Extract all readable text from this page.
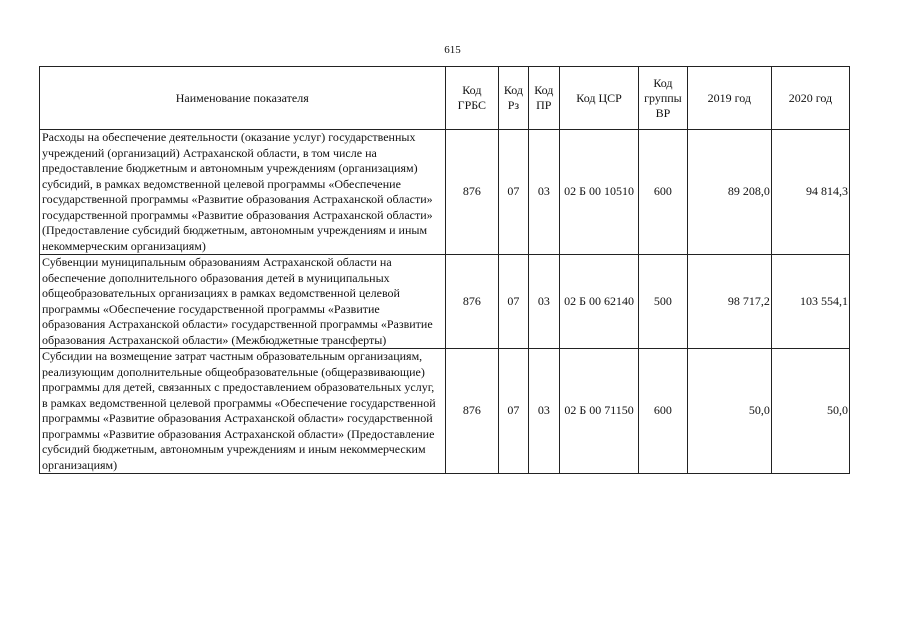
615
Наименование показателя	Код ГРБС	Код Рз	Код ПР	Код ЦСР	Код группы ВР	2019 год	2020 год
Расходы на обеспечение деятельности (оказание услуг) государственных учреждений (организаций) Астраханской области, в том числе на предоставление бюджетным и автономным учреждениям (организациям) субсидий, в рамках ведомственной целевой программы «Обеспечение государственной программы «Развитие образования Астраханской области» государственной программы «Развитие образования Астраханской области» (Предоставление субсидий бюджетным, автономным учреждениям и иным некоммерческим организациям)	876	07	03	02 Б 00 10510	600	89 208,0	94 814,3
Субвенции муниципальным образованиям Астраханской области на обеспечение дополнительного образования детей в муниципальных общеобразовательных организациях в рамках ведомственной целевой программы «Обеспечение государственной программы «Развитие образования Астраханской области» государственной программы «Развитие образования Астраханской области» (Межбюджетные трансферты)	876	07	03	02 Б 00 62140	500	98 717,2	103 554,1
Субсидии на возмещение затрат частным образовательным организациям, реализующим дополнительные общеобразовательные (общеразвивающие) программы для детей, связанных с предоставлением образовательных услуг, в рамках ведомственной целевой программы «Обеспечение государственной программы «Развитие образования Астраханской области» государственной программы «Развитие образования Астраханской области» (Предоставление субсидий бюджетным, автономным учреждениям и иным некоммерческим организациям)	876	07	03	02 Б 00 71150	600	50,0	50,0
